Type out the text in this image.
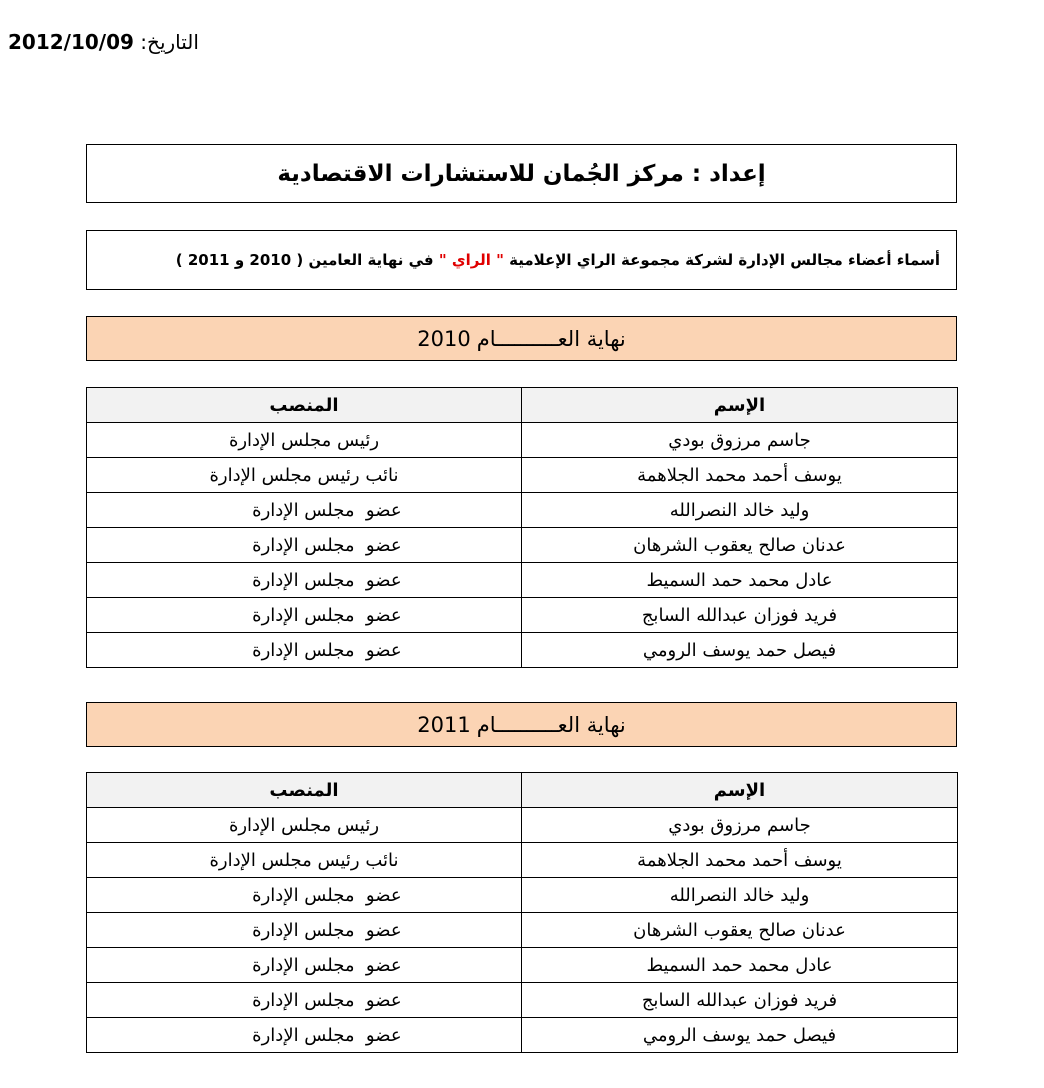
التاريخ: 2012/10/09
إعداد : مركز الجُمان للاستشارات الاقتصادية
أسماء أعضاء مجالس الإدارة لشركة مجموعة الراي الإعلامية " الراي " في نهاية العامين ( 2010 و 2011 )
نهاية العــــــــــام
2010
الإسم	المنصب
جاسم مرزوق بودي	رئيس مجلس الإدارة
يوسف أحمد محمد الجلاهمة	نائب رئيس مجلس الإدارة
وليد خالد النصرالله	عضو  مجلس الإدارة
عدنان صالح يعقوب الشرهان	عضو  مجلس الإدارة
عادل محمد حمد السميط	عضو  مجلس الإدارة
فريد فوزان عبدالله السابج	عضو  مجلس الإدارة
فيصل حمد يوسف الرومي	عضو  مجلس الإدارة
نهاية العــــــــــام
2011
الإسم	المنصب
جاسم مرزوق بودي	رئيس مجلس الإدارة
يوسف أحمد محمد الجلاهمة	نائب رئيس مجلس الإدارة
وليد خالد النصرالله	عضو  مجلس الإدارة
عدنان صالح يعقوب الشرهان	عضو  مجلس الإدارة
عادل محمد حمد السميط	عضو  مجلس الإدارة
فريد فوزان عبدالله السابج	عضو  مجلس الإدارة
فيصل حمد يوسف الرومي	عضو  مجلس الإدارة
